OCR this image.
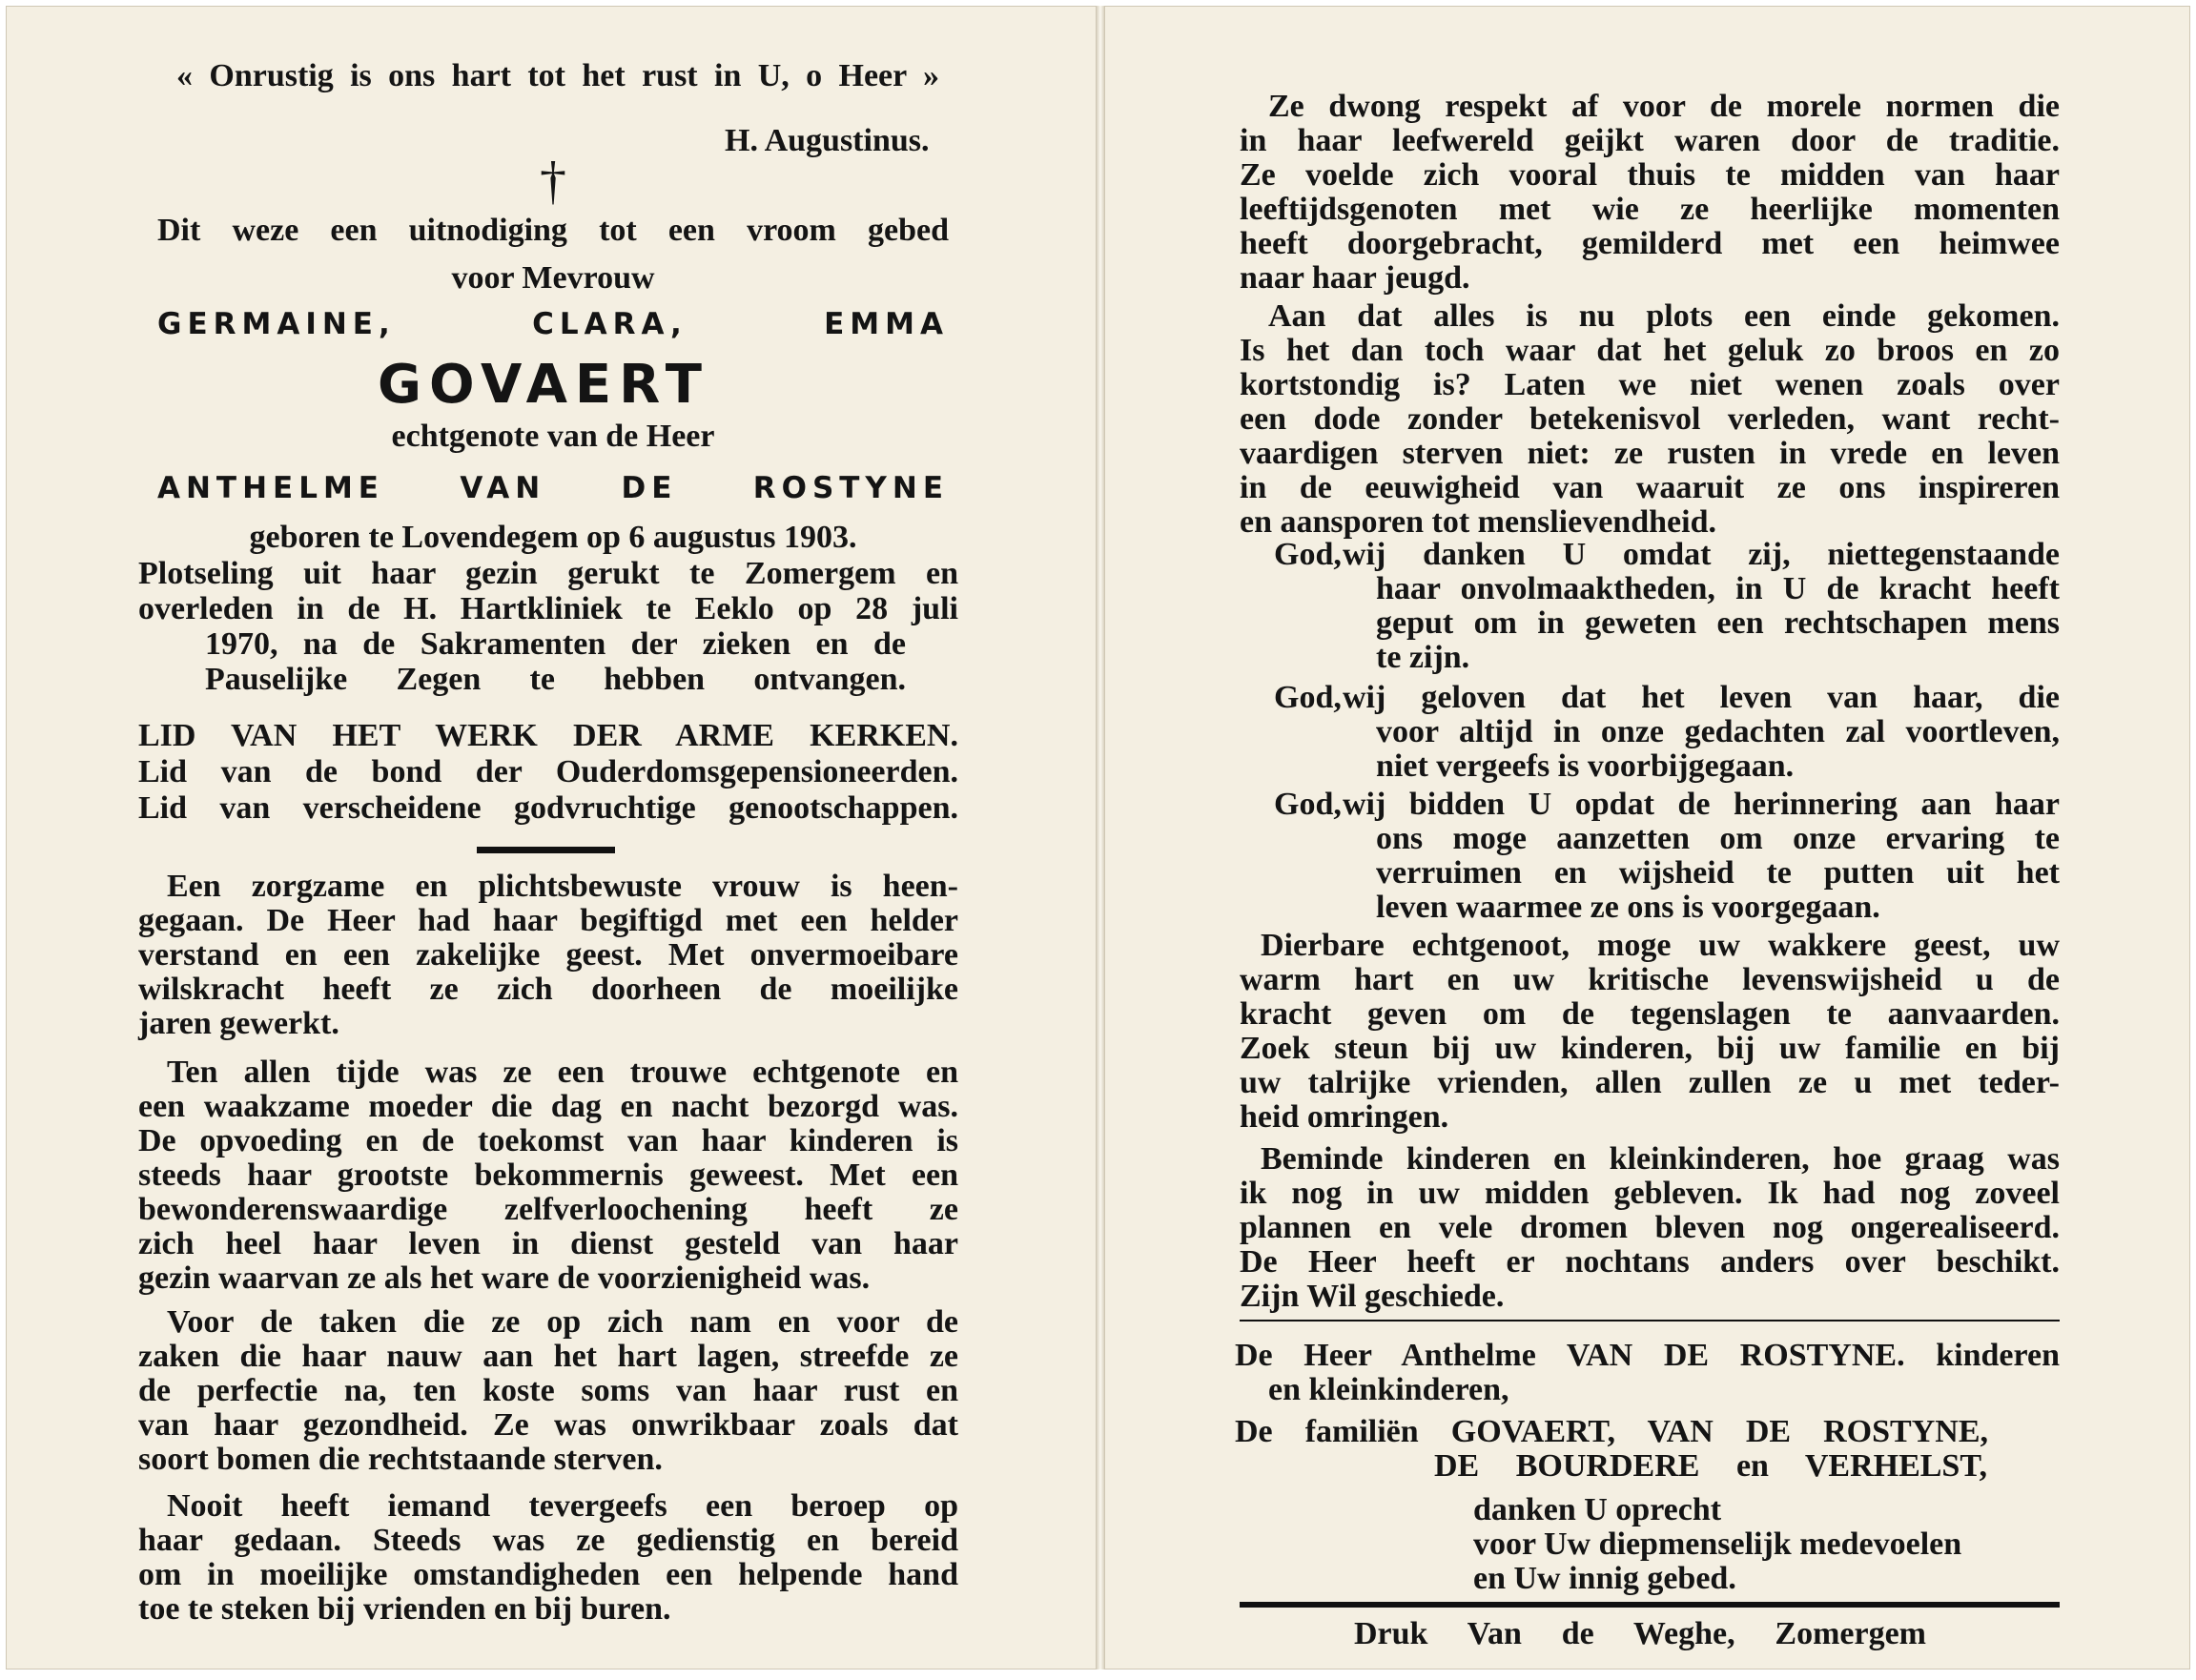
« Onrustig is ons hart tot het rust in U, o Heer »
H. Augustinus.
†
Dit weze een uitnodiging tot een vroom gebed
voor Mevrouw
GERMAINE, CLARA, EMMA
GOVAERT
echtgenote van de Heer
ANTHELME VAN DE ROSTYNE
geboren te Lovendegem op 6 augustus 1903.
Plotseling uit haar gezin gerukt te Zomergem en
overleden in de H. Hartkliniek te Eeklo op 28 juli
1970, na de Sakramenten der zieken en de
Pauselijke Zegen te hebben ontvangen.
LID VAN HET WERK DER ARME KERKEN.
Lid van de bond der Ouderdomsgepensioneerden.
Lid van verscheidene godvruchtige genootschappen.
Een zorgzame en plichtsbewuste vrouw is heen-
gegaan. De Heer had haar begiftigd met een helder
verstand en een zakelijke geest. Met onvermoeibare
wilskracht heeft ze zich doorheen de moeilijke
jaren gewerkt.
Ten allen tijde was ze een trouwe echtgenote en
een waakzame moeder die dag en nacht bezorgd was.
De opvoeding en de toekomst van haar kinderen is
steeds haar grootste bekommernis geweest. Met een
bewonderenswaardige zelfverloochening heeft ze
zich heel haar leven in dienst gesteld van haar
gezin waarvan ze als het ware de voorzienigheid was.
Voor de taken die ze op zich nam en voor de
zaken die haar nauw aan het hart lagen, streefde ze
de perfectie na, ten koste soms van haar rust en
van haar gezondheid. Ze was onwrikbaar zoals dat
soort bomen die rechtstaande sterven.
Nooit heeft iemand tevergeefs een beroep op
haar gedaan. Steeds was ze gedienstig en bereid
om in moeilijke omstandigheden een helpende hand
toe te steken bij vrienden en bij buren.
Ze dwong respekt af voor de morele normen die
in haar leefwereld geijkt waren door de traditie.
Ze voelde zich vooral thuis te midden van haar
leeftijdsgenoten met wie ze heerlijke momenten
heeft doorgebracht, gemilderd met een heimwee
naar haar jeugd.
Aan dat alles is nu plots een einde gekomen.
Is het dan toch waar dat het geluk zo broos en zo
kortstondig is? Laten we niet wenen zoals over
een dode zonder betekenisvol verleden, want recht-
vaardigen sterven niet: ze rusten in vrede en leven
in de eeuwigheid van waaruit ze ons inspireren
en aansporen tot menslievendheid.
God, wij danken U omdat zij, niettegenstaande
haar onvolmaaktheden, in U de kracht heeft
geput om in geweten een rechtschapen mens
te zijn.
God, wij geloven dat het leven van haar, die
voor altijd in onze gedachten zal voortleven,
niet vergeefs is voorbijgegaan.
God, wij bidden U opdat de herinnering aan haar
ons moge aanzetten om onze ervaring te
verruimen en wijsheid te putten uit het
leven waarmee ze ons is voorgegaan.
Dierbare echtgenoot, moge uw wakkere geest, uw
warm hart en uw kritische levenswijsheid u de
kracht geven om de tegenslagen te aanvaarden.
Zoek steun bij uw kinderen, bij uw familie en bij
uw talrijke vrienden, allen zullen ze u met teder-
heid omringen.
Beminde kinderen en kleinkinderen, hoe graag was
ik nog in uw midden gebleven. Ik had nog zoveel
plannen en vele dromen bleven nog ongerealiseerd.
De Heer heeft er nochtans anders over beschikt.
Zijn Wil geschiede.
De Heer Anthelme VAN DE ROSTYNE. kinderen
en kleinkinderen,
De familiën GOVAERT, VAN DE ROSTYNE,
DE BOURDERE en VERHELST,
danken U oprecht
voor Uw diepmenselijk medevoelen
en Uw innig gebed.
Druk Van de Weghe, Zomergem
